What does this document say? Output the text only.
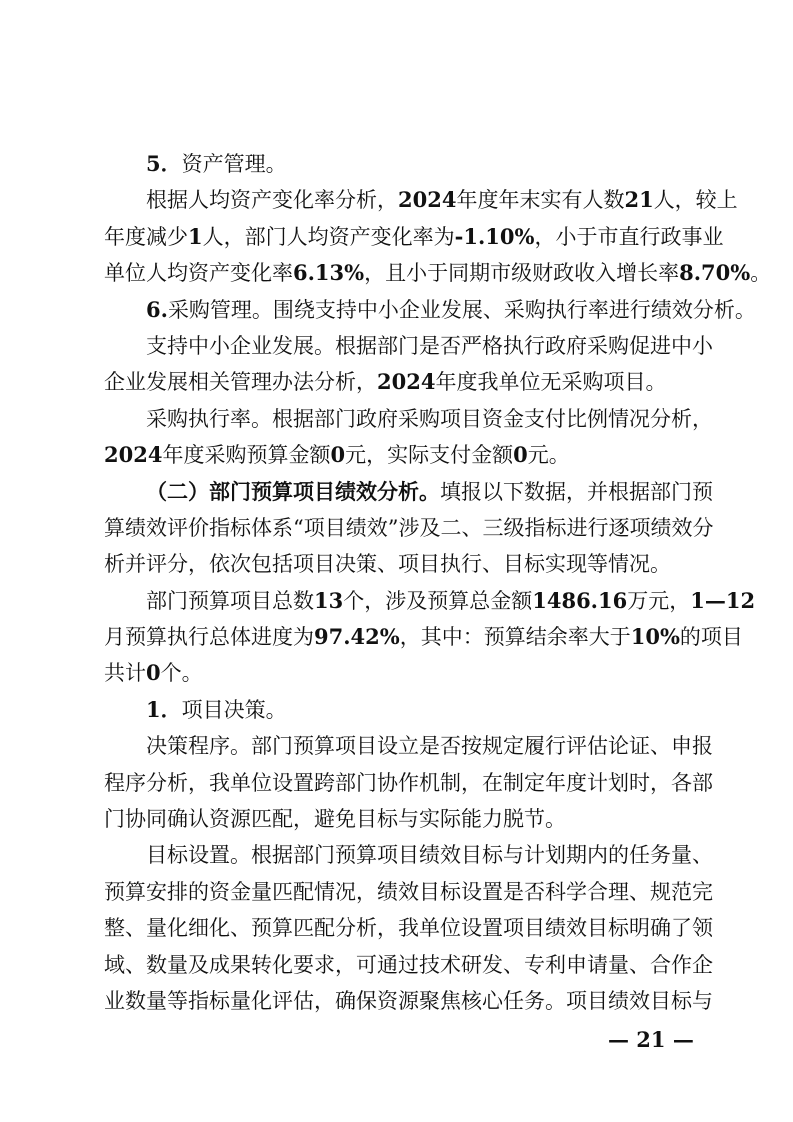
5．资产管理。
根据人均资产变化率分析，2024年度年末实有人数21人，较上
年度减少1人，部门人均资产变化率为-1.10%，小于市直行政事业
单位人均资产变化率6.13%，且小于同期市级财政收入增长率8.70%。
6.采购管理。围绕支持中小企业发展、采购执行率进行绩效分析。
支持中小企业发展。根据部门是否严格执行政府采购促进中小
企业发展相关管理办法分析，2024年度我单位无采购项目。
采购执行率。根据部门政府采购项目资金支付比例情况分析，
2024年度采购预算金额0元，实际支付金额0元。
（二）部门预算项目绩效分析。填报以下数据，并根据部门预
算绩效评价指标体系“项目绩效”涉及二、三级指标进行逐项绩效分
析并评分，依次包括项目决策、项目执行、目标实现等情况。
部门预算项目总数13个，涉及预算总金额1486.16万元，1—12
月预算执行总体进度为97.42%，其中：预算结余率大于10%的项目
共计0个。
1．项目决策。
决策程序。部门预算项目设立是否按规定履行评估论证、申报
程序分析，我单位设置跨部门协作机制，在制定年度计划时，各部
门协同确认资源匹配，避免目标与实际能力脱节。
目标设置。根据部门预算项目绩效目标与计划期内的任务量、
预算安排的资金量匹配情况，绩效目标设置是否科学合理、规范完
整、量化细化、预算匹配分析，我单位设置项目绩效目标明确了领
域、数量及成果转化要求，可通过技术研发、专利申请量、合作企
业数量等指标量化评估，确保资源聚焦核心任务。项目绩效目标与
— 21 —
